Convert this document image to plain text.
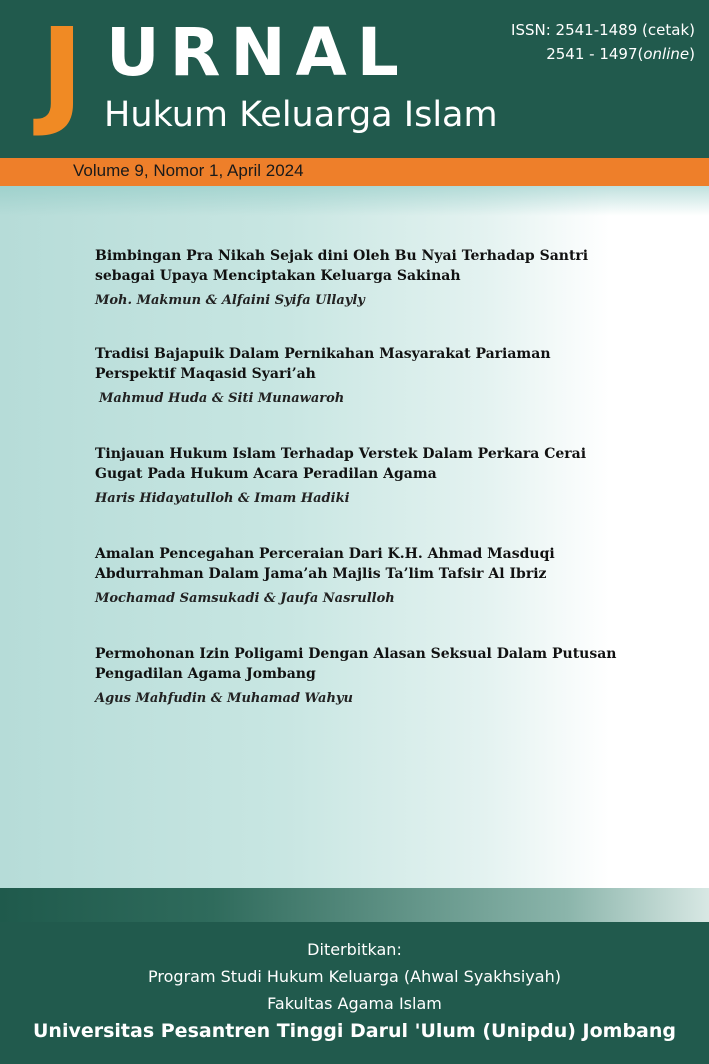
J URNAL
Hukum Keluarga Islam
ISSN: 2541-1489 (cetak)
2541 - 1497(online)
Volume 9, Nomor 1, April 2024
Bimbingan Pra Nikah Sejak dini Oleh Bu Nyai Terhadap Santri sebagai Upaya Menciptakan Keluarga Sakinah
Moh. Makmun & Alfaini Syifa Ullayly
Tradisi Bajapuik Dalam Pernikahan Masyarakat Pariaman Perspektif Maqasid Syari’ah
Mahmud Huda & Siti Munawaroh
Tinjauan Hukum Islam Terhadap Verstek Dalam Perkara Cerai Gugat Pada Hukum Acara Peradilan Agama
Haris Hidayatulloh & Imam Hadiki
Amalan Pencegahan Perceraian Dari K.H. Ahmad Masduqi Abdurrahman Dalam Jama’ah Majlis Ta’lim Tafsir Al Ibriz
Mochamad Samsukadi & Jaufa Nasrulloh
Permohonan Izin Poligami Dengan Alasan Seksual Dalam Putusan Pengadilan Agama Jombang
Agus Mahfudin & Muhamad Wahyu
Diterbitkan:
Program Studi Hukum Keluarga (Ahwal Syakhsiyah)
Fakultas Agama Islam
Universitas Pesantren Tinggi Darul 'Ulum (Unipdu) Jombang
